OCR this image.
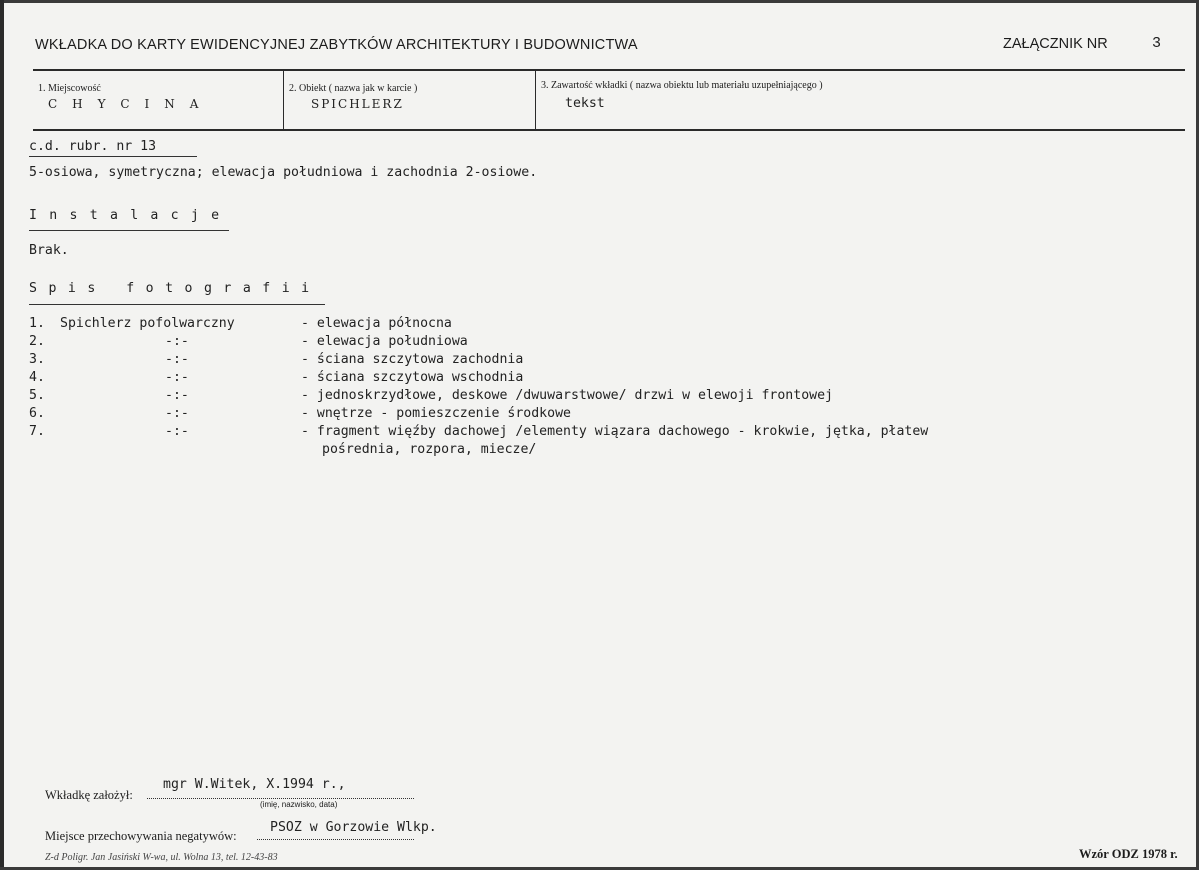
WKŁADKA DO KARTY EWIDENCYJNEJ ZABYTKÓW ARCHITEKTURY I BUDOWNICTWA	ZAŁĄCZNIK NR	3
1. Miejscowość
CHYCINA
2. Obiekt ( nazwa jak w karcie )
SPICHLERZ
3. Zawartość wkładki ( nazwa obiektu lub materiału uzupełniającego )
tekst
c.d. rubr. nr 13
5-osiowa, symetryczna; elewacja południowa i zachodnia 2-osiowe.
Instalacje
Brak.
Spis fotografii
1. Spichlerz pofolwarczny	- elewacja północna
2.	-:-	- elewacja południowa
3.	-:-	- ściana szczytowa zachodnia
4.	-:-	- ściana szczytowa wschodnia
5.	-:-	- jednoskrzydłowe, deskowe /dwuwarstwowe/ drzwi w elewoji frontowej
6.	-:-	- wnętrze - pomieszczenie środkowe
7.	-:-	- fragment więźby dachowej /elementy wiązara dachowego - krokwie, jętka, płatew
pośrednia, rozpora, miecze/
Wkładkę założył:
mgr W.Witek, X.1994 r.,
(imię, nazwisko, data)
Miejsce przechowywania negatywów:
PSOZ w Gorzowie Wlkp.
Z-d Poligr. Jan Jasiński W-wa, ul. Wolna 13, tel. 12-43-83	Wzór ODZ 1978 r.
